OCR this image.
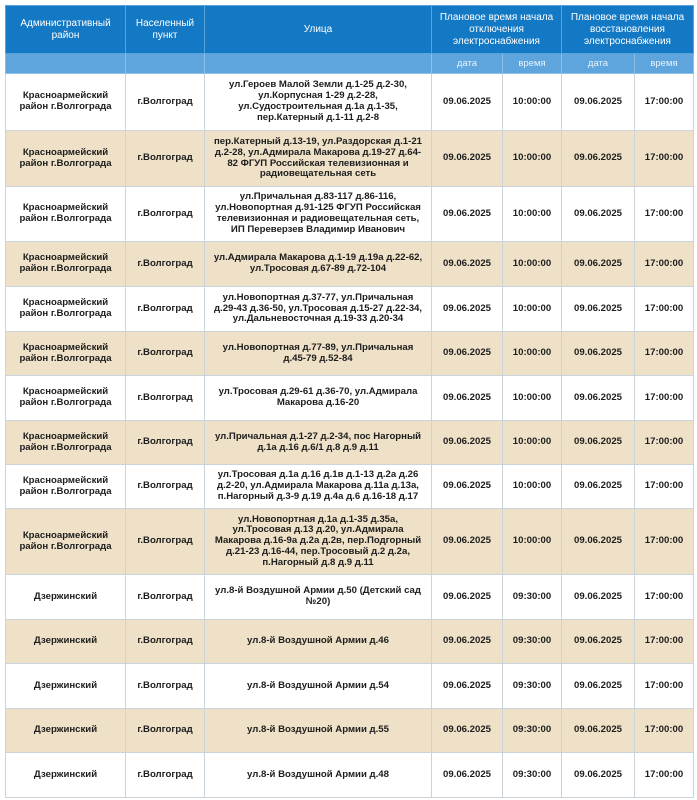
Административный район	Населенный пункт	Улица	Плановое время начала отключения электроснабжения		Плановое время начала восстановления электроснабжения	
			дата	время	дата	время
Красноармейский район г.Волгограда	г.Волгоград	ул.Героев Малой Земли д.1-25 д.2-30,
ул.Корпусная 1-29 д.2-28,
ул.Судостроительная д.1а д.1-35,
пер.Катерный д.1-11 д.2-8	09.06.2025	10:00:00	09.06.2025	17:00:00
Красноармейский район г.Волгограда	г.Волгоград	пер.Катерный д.13-19, ул.Раздорская д.1-21
д.2-28, ул.Адмирала Макарова д.19-27 д.64-
82 ФГУП Российская телевизионная и
радиовещательная сеть	09.06.2025	10:00:00	09.06.2025	17:00:00
Красноармейский район г.Волгограда	г.Волгоград	ул.Причальная д.83-117 д.86-116,
ул.Новопортная д.91-125 ФГУП Российская
телевизионная и радиовещательная сеть,
ИП Переверзев Владимир Иванович	09.06.2025	10:00:00	09.06.2025	17:00:00
Красноармейский район г.Волгограда	г.Волгоград	ул.Адмирала Макарова д.1-19 д.19а д.22-62,
ул.Тросовая д.67-89 д.72-104	09.06.2025	10:00:00	09.06.2025	17:00:00
Красноармейский район г.Волгограда	г.Волгоград	ул.Новопортная д.37-77, ул.Причальная
д.29-43 д.36-50, ул.Тросовая д.15-27 д.22-34,
ул.Дальневосточная д.19-33 д.20-34	09.06.2025	10:00:00	09.06.2025	17:00:00
Красноармейский район г.Волгограда	г.Волгоград	ул.Новопортная д.77-89, ул.Причальная
д.45-79 д.52-84	09.06.2025	10:00:00	09.06.2025	17:00:00
Красноармейский район г.Волгограда	г.Волгоград	ул.Тросовая д.29-61 д.36-70, ул.Адмирала
Макарова д.16-20	09.06.2025	10:00:00	09.06.2025	17:00:00
Красноармейский район г.Волгограда	г.Волгоград	ул.Причальная д.1-27 д.2-34, пос Нагорный
д.1а д.16 д.6/1 д.8 д.9 д.11	09.06.2025	10:00:00	09.06.2025	17:00:00
Красноармейский район г.Волгограда	г.Волгоград	ул.Тросовая д.1а д.16 д.1в д.1-13 д.2а д.26
д.2-20, ул.Адмирала Макарова д.11а д.13а,
п.Нагорный д.3-9 д.19 д.4а д.6 д.16-18 д.17	09.06.2025	10:00:00	09.06.2025	17:00:00
Красноармейский район г.Волгограда	г.Волгоград	ул.Новопортная д.1а д.1-35 д.35а,
ул.Тросовая д.13 д.20, ул.Адмирала
Макарова д.16-9а д.2а д.2в, пер.Подгорный
д.21-23 д.16-44, пер.Тросовый д.2 д.2а,
п.Нагорный д.8 д.9 д.11	09.06.2025	10:00:00	09.06.2025	17:00:00
Дзержинский	г.Волгоград	ул.8-й Воздушной Армии д.50 (Детский сад
№20)	09.06.2025	09:30:00	09.06.2025	17:00:00
Дзержинский	г.Волгоград	ул.8-й Воздушной Армии д.46	09.06.2025	09:30:00	09.06.2025	17:00:00
Дзержинский	г.Волгоград	ул.8-й Воздушной Армии д.54	09.06.2025	09:30:00	09.06.2025	17:00:00
Дзержинский	г.Волгоград	ул.8-й Воздушной Армии д.55	09.06.2025	09:30:00	09.06.2025	17:00:00
Дзержинский	г.Волгоград	ул.8-й Воздушной Армии д.48	09.06.2025	09:30:00	09.06.2025	17:00:00
